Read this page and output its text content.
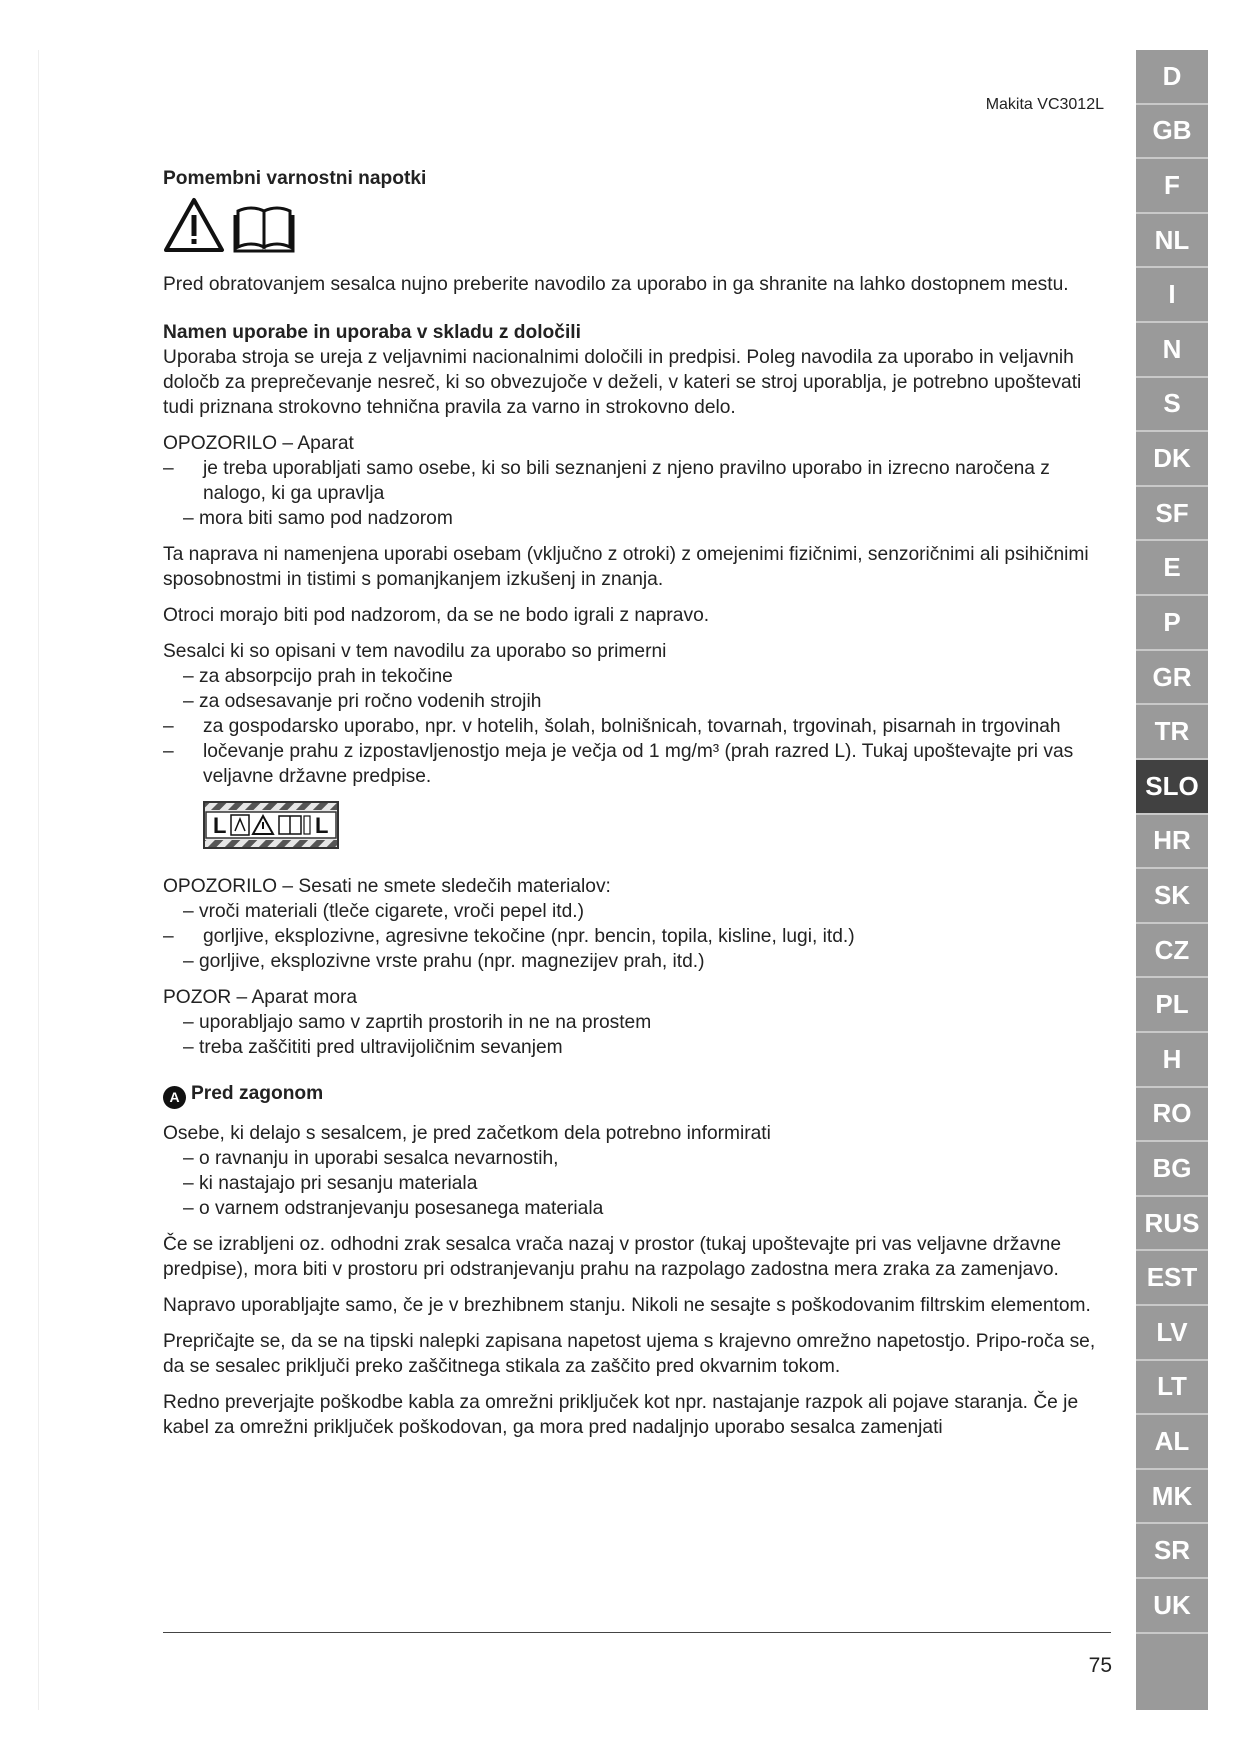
Makita VC3012L

Pomembni varnostni napotki

Pred obratovanjem sesalca nujno preberite navodilo za uporabo in ga shranite na lahko dostopnem mestu.

Namen uporabe in uporaba v skladu z določili

Uporaba stroja se ureja z veljavnimi nacionalnimi določili in predpisi. Poleg navodila za uporabo in veljavnih določb za preprečevanje nesreč, ki so obvezujoče v deželi, v kateri se stroj uporablja, je potrebno upoštevati tudi priznana strokovno tehnična pravila za varno in strokovno delo.

OPOZORILO – Aparat

– je treba uporabljati samo osebe, ki so bili seznanjeni z njeno pravilno uporabo in izrecno naročena z nalogo, ki ga upravlja

– mora biti samo pod nadzorom

Ta naprava ni namenjena uporabi osebam (vključno z otroki) z omejenimi fizičnimi, senzoričnimi ali psihičnimi sposobnostmi in tistimi s pomanjkanjem izkušenj in znanja.

Otroci morajo biti pod nadzorom, da se ne bodo igrali z napravo.

Sesalci ki so opisani v tem navodilu za uporabo so primerni

– za absorpcijo prah in tekočine

– za odsesavanje pri ročno vodenih strojih

– za gospodarsko uporabo, npr. v hotelih, šolah, bolnišnicah, tovarnah, trgovinah, pisarnah in trgovinah
– ločevanje prahu z izpostavljenostjo meja je večja od 1 mg/m³ (prah razred L). Tukaj upoštevajte pri vas veljavne državne predpise.
L	L

OPOZORILO – Sesati ne smete sledečih materialov:

– vroči materiali (tleče cigarete, vroči pepel itd.)

– gorljive, eksplozivne, agresivne tekočine (npr. bencin, topila, kisline, lugi, itd.)

– gorljive, eksplozivne vrste prahu (npr. magnezijev prah, itd.)

POZOR – Aparat mora

– uporabljajo samo v zaprtih prostorih in ne na prostem

– treba zaščititi pred ultravijoličnim sevanjem

A Pred zagonom

Osebe, ki delajo s sesalcem, je pred začetkom dela potrebno informirati

– o ravnanju in uporabi sesalca nevarnostih,

– ki nastajajo pri sesanju materiala

– o varnem odstranjevanju posesanega materiala

Če se izrabljeni oz. odhodni zrak sesalca vrača nazaj v prostor (tukaj upoštevajte pri vas veljavne državne predpise), mora biti v prostoru pri odstranjevanju prahu na razpolago zadostna mera zraka za zamenjavo.

Napravo uporabljajte samo, če je v brezhibnem stanju. Nikoli ne sesajte s poškodovanim filtrskim elementom.

Prepričajte se, da se na tipski nalepki zapisana napetost ujema s krajevno omrežno napetostjo. Pripo-roča se, da se sesalec priključi preko zaščitnega stikala za zaščito pred okvarnim tokom.

Redno preverjajte poškodbe kabla za omrežni priključek kot npr. nastajanje razpok ali pojave staranja. Če je kabel za omrežni priključek poškodovan, ga mora pred nadaljnjo uporabo sesalca zamenjati

75
D
GB
F
NL
I
N
S
DK
SF
E
P
GR
TR
SLO
HR
SK
CZ
PL
H
RO
BG
RUS
EST
LV
LT
AL
MK
SR
UK
